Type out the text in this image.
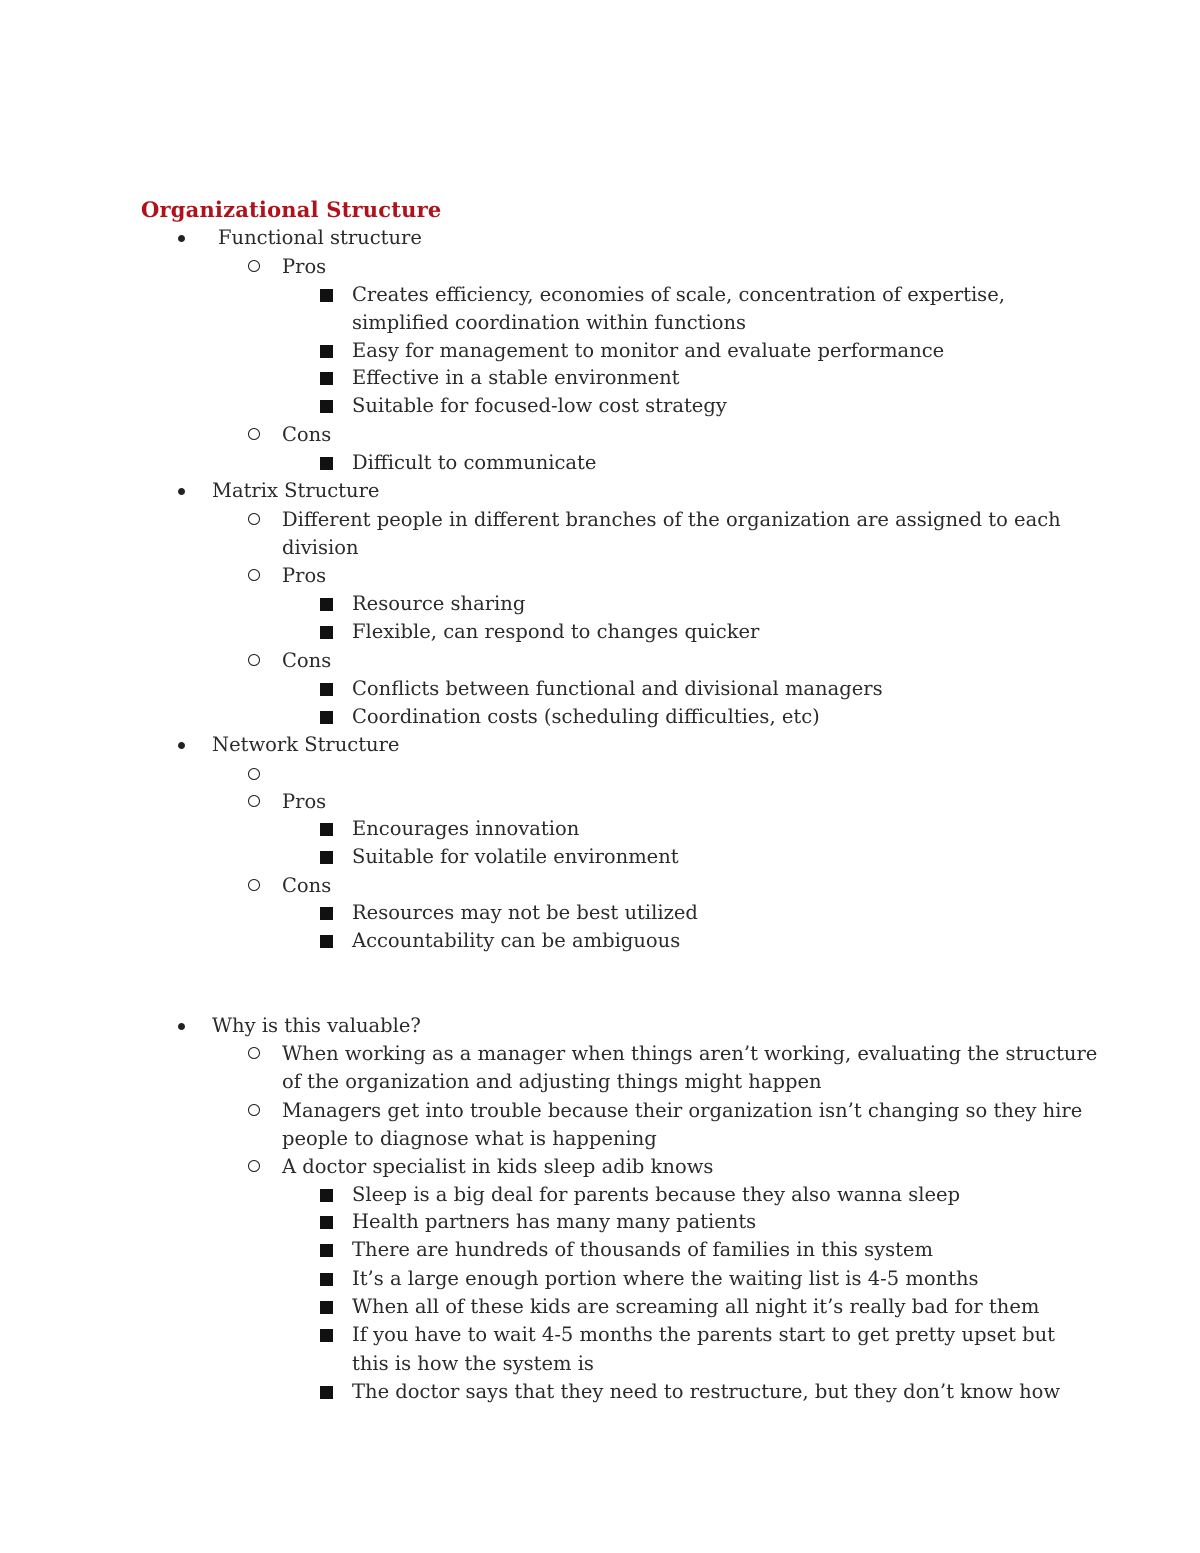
Organizational Structure
Functional structure
Pros
Creates efficiency, economies of scale, concentration of expertise,
simplified coordination within functions
Easy for management to monitor and evaluate performance
Effective in a stable environment
Suitable for focused-low cost strategy
Cons
Difficult to communicate
Matrix Structure
Different people in different branches of the organization are assigned to each
division
Pros
Resource sharing
Flexible, can respond to changes quicker
Cons
Conflicts between functional and divisional managers
Coordination costs (scheduling difficulties, etc)
Network Structure
Pros
Encourages innovation
Suitable for volatile environment
Cons
Resources may not be best utilized
Accountability can be ambiguous
Why is this valuable?
When working as a manager when things aren’t working, evaluating the structure
of the organization and adjusting things might happen
Managers get into trouble because their organization isn’t changing so they hire
people to diagnose what is happening
A doctor specialist in kids sleep adib knows
Sleep is a big deal for parents because they also wanna sleep
Health partners has many many patients
There are hundreds of thousands of families in this system
It’s a large enough portion where the waiting list is 4-5 months
When all of these kids are screaming all night it’s really bad for them
If you have to wait 4-5 months the parents start to get pretty upset but
this is how the system is
The doctor says that they need to restructure, but they don’t know how
